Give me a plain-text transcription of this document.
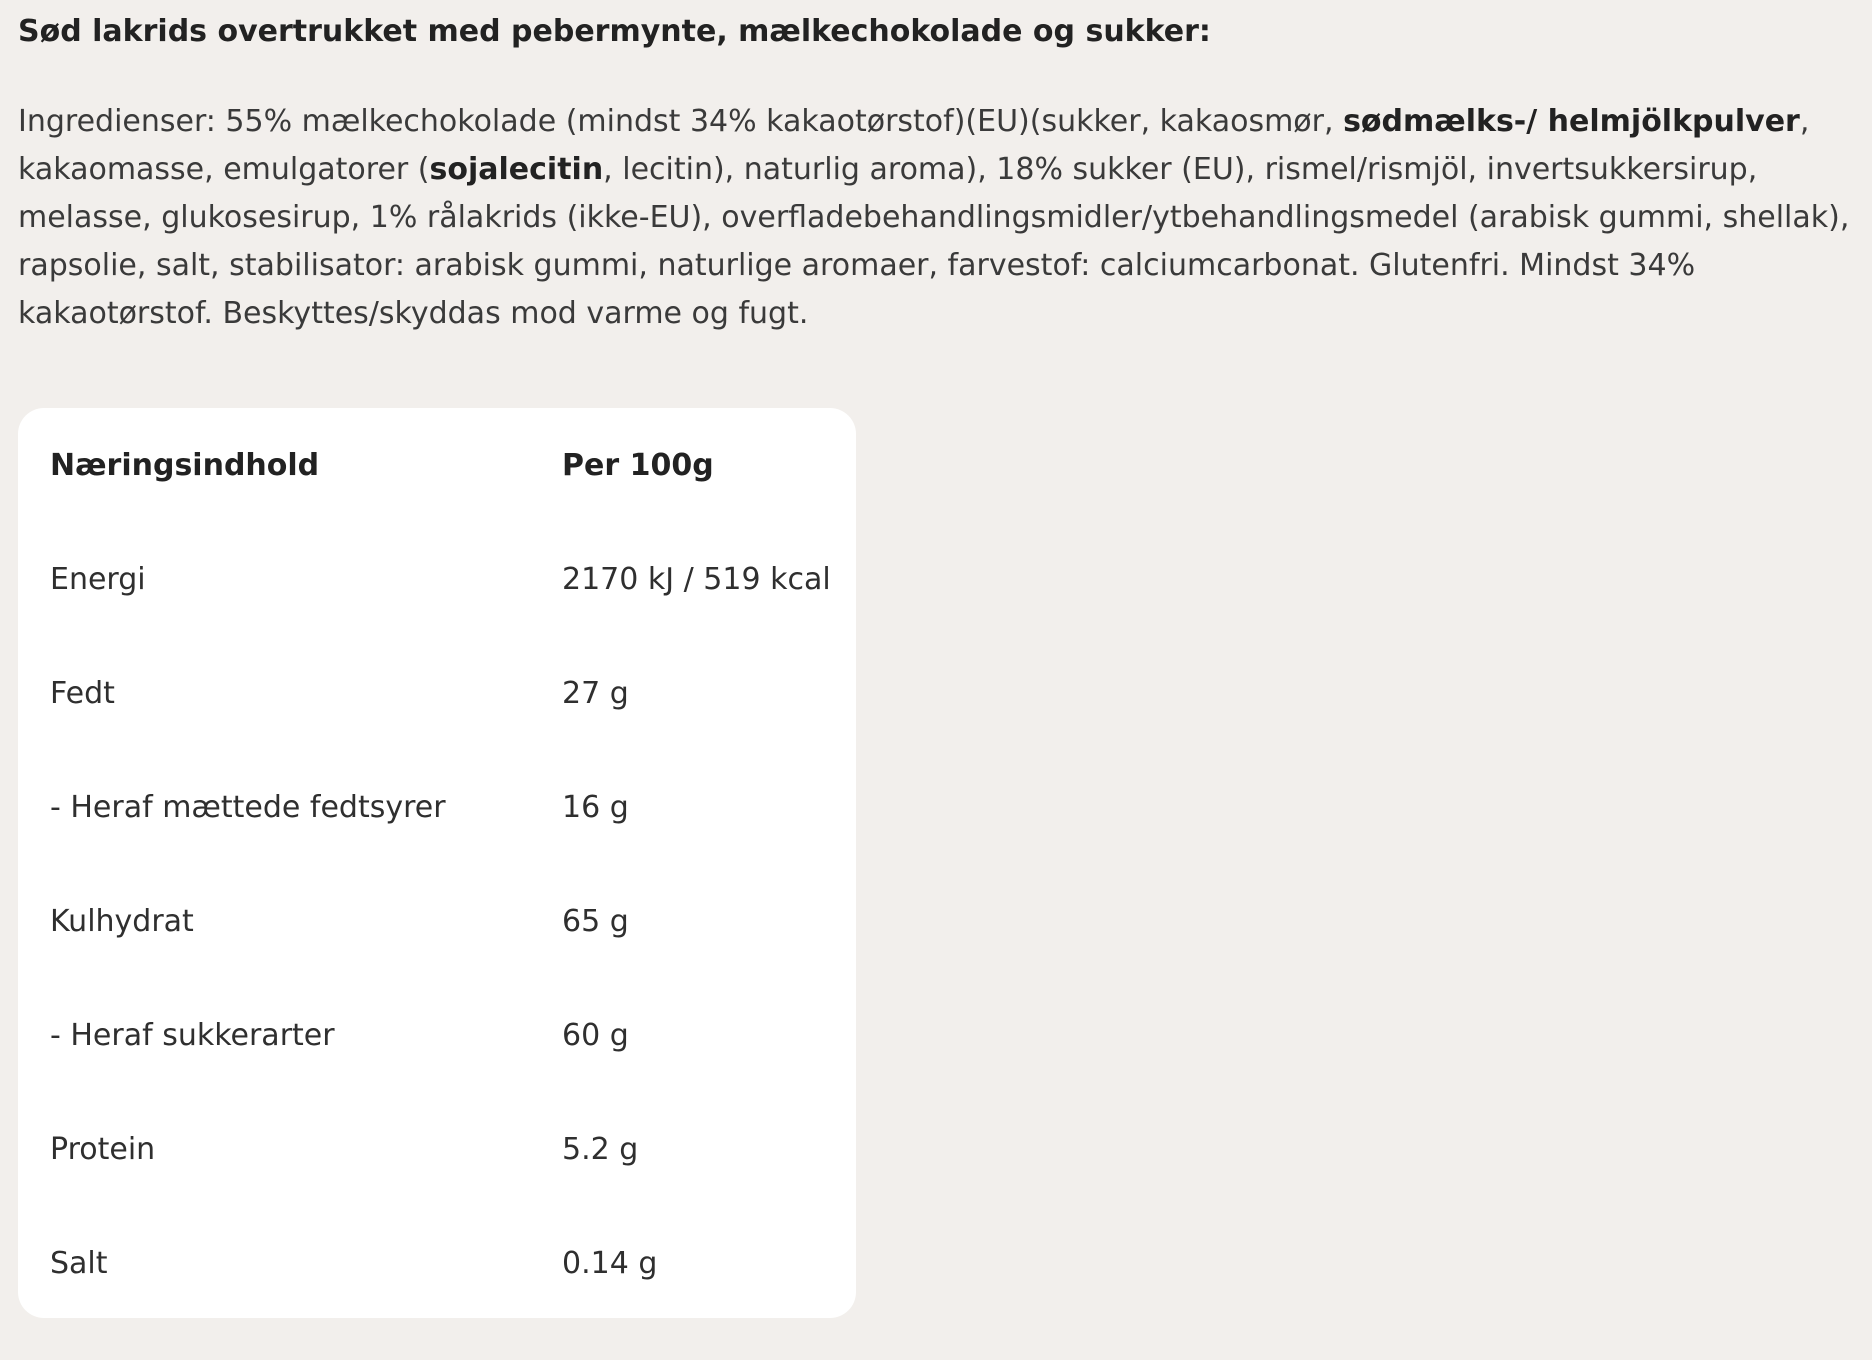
Sød lakrids overtrukket med pebermynte, mælkechokolade og sukker:

Ingredienser: 55% mælkechokolade (mindst 34% kakaotørstof)(EU)(sukker, kakaosmør, sødmælks-/ helmjölkpulver, kakaomasse, emulgatorer (sojalecitin, lecitin), naturlig aroma), 18% sukker (EU), rismel/rismjöl, invertsukkersirup, melasse, glukosesirup, 1% rålakrids (ikke-EU), overfladebehandlingsmidler/ytbehandlingsmedel (arabisk gummi, shellak), rapsolie, salt, stabilisator: arabisk gummi, naturlige aromaer, farvestof: calciumcarbonat. Glutenfri. Mindst 34% kakaotørstof. Beskyttes/skyddas mod varme og fugt.

Næringsindhold	Per 100g
Energi	2170 kJ / 519 kcal
Fedt	27 g
- Heraf mættede fedtsyrer	16 g
Kulhydrat	65 g
- Heraf sukkerarter	60 g
Protein	5.2 g
Salt	0.14 g
